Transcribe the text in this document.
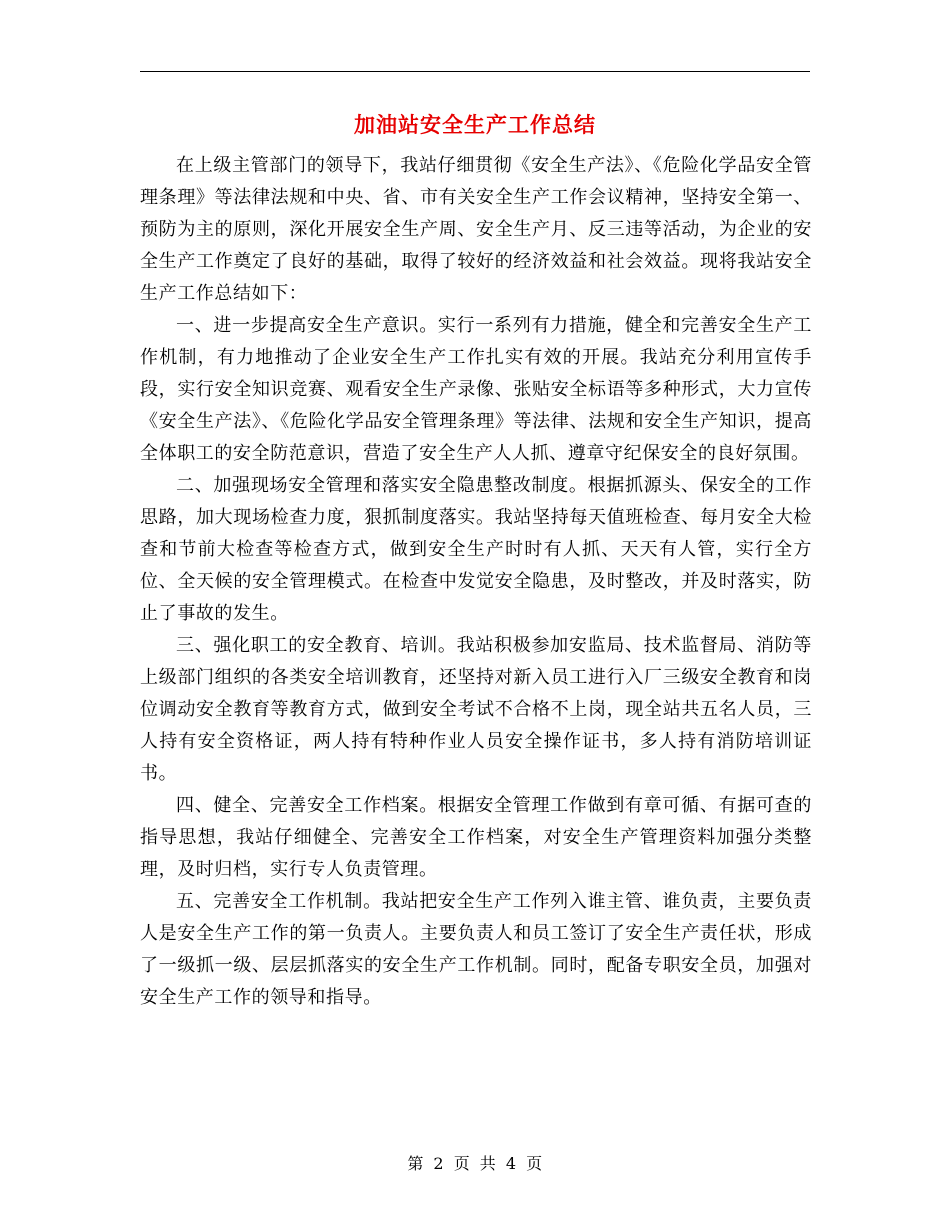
加油站安全生产工作总结

在上级主管部门的领导下，我站仔细贯彻《安全生产法》、《危险化学品安全管理条理》等法律法规和中央、省、市有关安全生产工作会议精神，坚持安全第一、预防为主的原则，深化开展安全生产周、安全生产月、反三违等活动，为企业的安全生产工作奠定了良好的基础，取得了较好的经济效益和社会效益。现将我站安全生产工作总结如下：

一、进一步提高安全生产意识。实行一系列有力措施，健全和完善安全生产工作机制，有力地推动了企业安全生产工作扎实有效的开展。我站充分利用宣传手段，实行安全知识竞赛、观看安全生产录像、张贴安全标语等多种形式，大力宣传《安全生产法》、《危险化学品安全管理条理》等法律、法规和安全生产知识，提高全体职工的安全防范意识，营造了安全生产人人抓、遵章守纪保安全的良好氛围。

二、加强现场安全管理和落实安全隐患整改制度。根据抓源头、保安全的工作思路，加大现场检查力度，狠抓制度落实。我站坚持每天值班检查、每月安全大检查和节前大检查等检查方式，做到安全生产时时有人抓、天天有人管，实行全方位、全天候的安全管理模式。在检查中发觉安全隐患，及时整改，并及时落实，防止了事故的发生。

三、强化职工的安全教育、培训。我站积极参加安监局、技术监督局、消防等上级部门组织的各类安全培训教育，还坚持对新入员工进行入厂三级安全教育和岗位调动安全教育等教育方式，做到安全考试不合格不上岗，现全站共五名人员，三人持有安全资格证，两人持有特种作业人员安全操作证书，多人持有消防培训证书。

四、健全、完善安全工作档案。根据安全管理工作做到有章可循、有据可查的指导思想，我站仔细健全、完善安全工作档案，对安全生产管理资料加强分类整理，及时归档，实行专人负责管理。

五、完善安全工作机制。我站把安全生产工作列入谁主管、谁负责，主要负责人是安全生产工作的第一负责人。主要负责人和员工签订了安全生产责任状，形成了一级抓一级、层层抓落实的安全生产工作机制。同时，配备专职安全员，加强对安全生产工作的领导和指导。

第 2 页 共 4 页
